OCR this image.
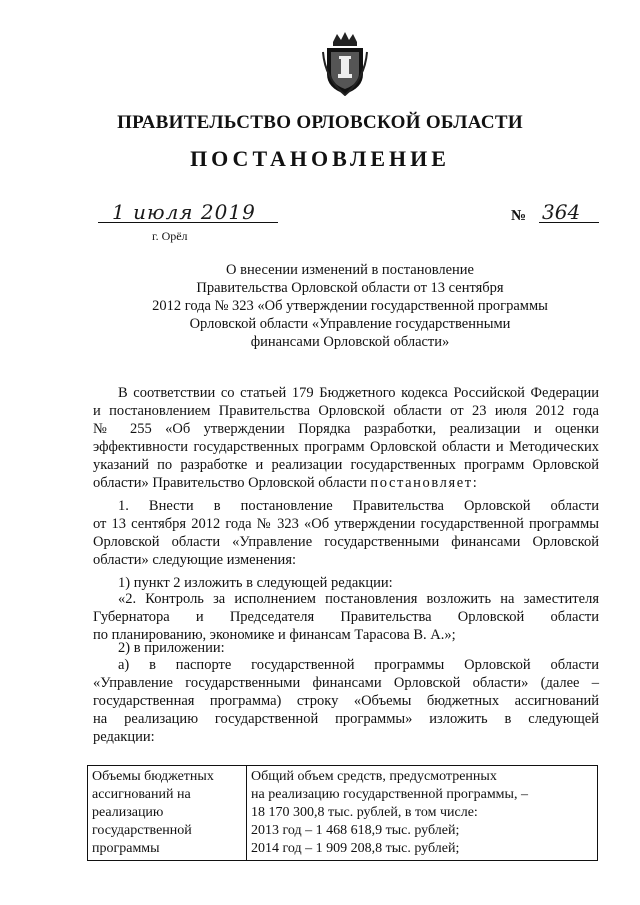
ПРАВИТЕЛЬСТВО ОРЛОВСКОЙ ОБЛАСТИ
ПОСТАНОВЛЕНИЕ
1 июля 2019	№ 364
г. Орёл
О внесении изменений в постановление
Правительства Орловской области от 13 сентября
2012 года № 323 «Об утверждении государственной программы
Орловской области «Управление государственными
финансами Орловской области»
В соответствии со статьей 179 Бюджетного кодекса Российской Федерации
и постановлением Правительства Орловской области от 23 июля 2012 года
№ 255 «Об утверждении Порядка разработки, реализации и оценки
эффективности государственных программ Орловской области и Методических
указаний по разработке и реализации государственных программ Орловской
области» Правительство Орловской области постановляет:
1. Внести в постановление Правительства Орловской области
от 13 сентября 2012 года № 323 «Об утверждении государственной программы
Орловской области «Управление государственными финансами Орловской
области» следующие изменения:
1) пункт 2 изложить в следующей редакции:
«2. Контроль за исполнением постановления возложить на заместителя
Губернатора и Председателя Правительства Орловской области
по планированию, экономике и финансам Тарасова В. А.»;
2) в приложении:
а) в паспорте государственной программы Орловской области
«Управление государственными финансами Орловской области» (далее –
государственная программа) строку «Объемы бюджетных ассигнований
на реализацию государственной программы» изложить в следующей
редакции:
Объемы бюджетных
ассигнований на
реализацию
государственной
программы

Общий объем средств, предусмотренных
на реализацию государственной программы, –
18 170 300,8 тыс. рублей, в том числе:
2013 год – 1 468 618,9 тыс. рублей;
2014 год – 1 909 208,8 тыс. рублей;
